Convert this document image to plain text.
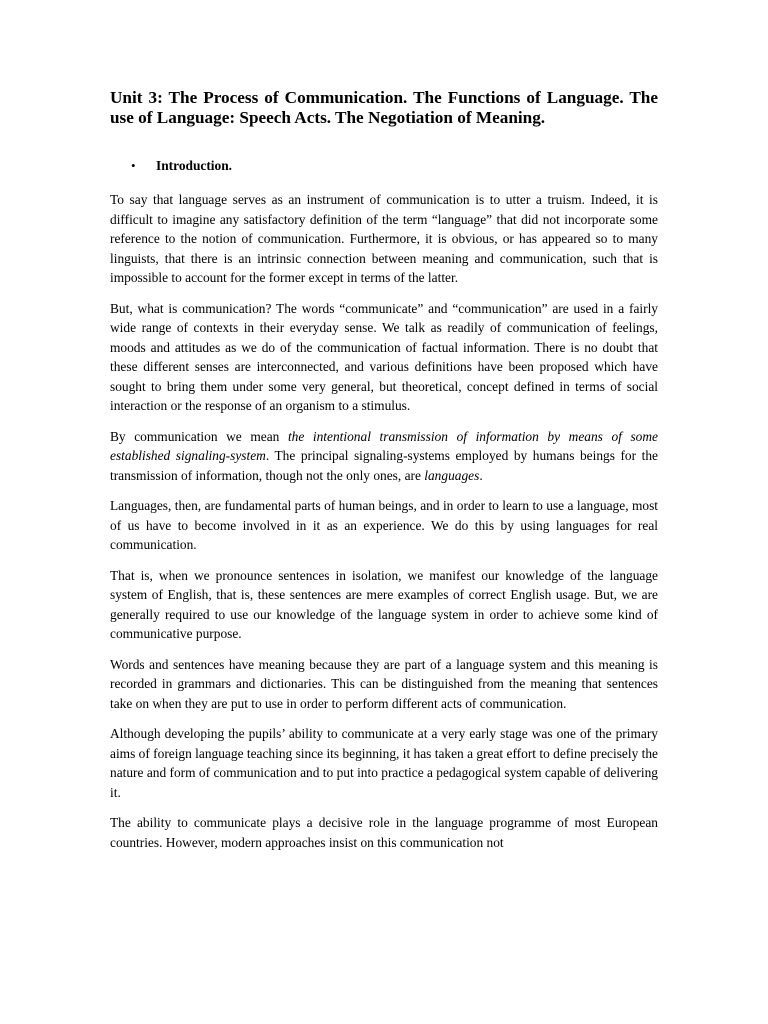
Unit 3: The Process of Communication. The Functions of Language. The use of Language: Speech Acts. The Negotiation of Meaning.
• Introduction.

To say that language serves as an instrument of communication is to utter a truism. Indeed, it is difficult to imagine any satisfactory definition of the term “language” that did not incorporate some reference to the notion of communication. Furthermore, it is obvious, or has appeared so to many linguists, that there is an intrinsic connection between meaning and communication, such that is impossible to account for the former except in terms of the latter.

But, what is communication? The words “communicate” and “communication” are used in a fairly wide range of contexts in their everyday sense. We talk as readily of communication of feelings, moods and attitudes as we do of the communication of factual information. There is no doubt that these different senses are interconnected, and various definitions have been proposed which have sought to bring them under some very general, but theoretical, concept defined in terms of social interaction or the response of an organism to a stimulus.

By communication we mean the intentional transmission of information by means of some established signaling-system. The principal signaling-systems employed by humans beings for the transmission of information, though not the only ones, are languages.

Languages, then, are fundamental parts of human beings, and in order to learn to use a language, most of us have to become involved in it as an experience. We do this by using languages for real communication.

That is, when we pronounce sentences in isolation, we manifest our knowledge of the language system of English, that is, these sentences are mere examples of correct English usage. But, we are generally required to use our knowledge of the language system in order to achieve some kind of communicative purpose.

Words and sentences have meaning because they are part of a language system and this meaning is recorded in grammars and dictionaries. This can be distinguished from the meaning that sentences take on when they are put to use in order to perform different acts of communication.

Although developing the pupils’ ability to communicate at a very early stage was one of the primary aims of foreign language teaching since its beginning, it has taken a great effort to define precisely the nature and form of communication and to put into practice a pedagogical system capable of delivering it.

The ability to communicate plays a decisive role in the language programme of most European countries. However, modern approaches insist on this communication not
